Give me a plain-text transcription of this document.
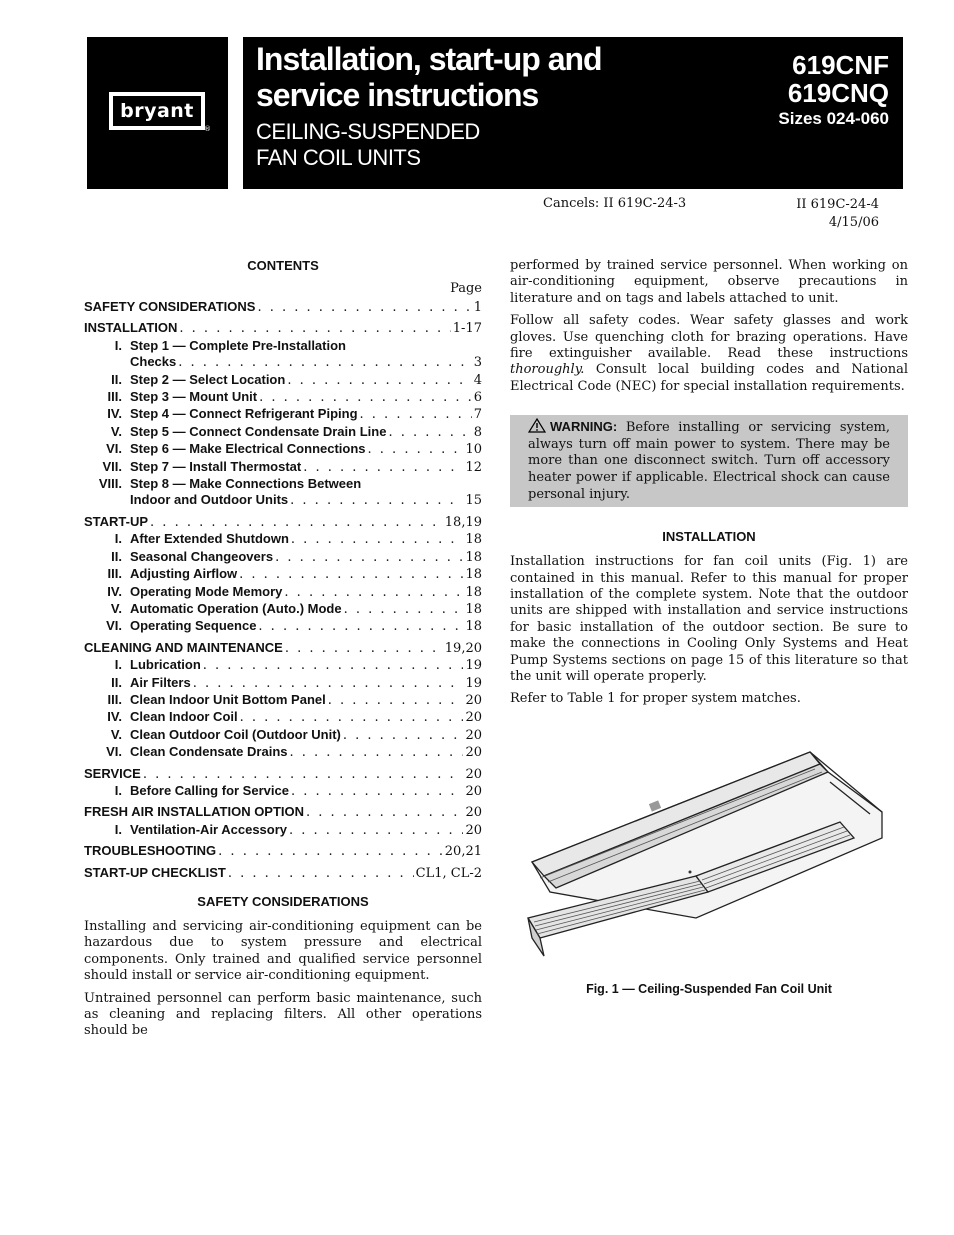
bryant
®
Installation, start-up and service instructions
CEILING-SUSPENDED
FAN COIL UNITS
619CNF
619CNQ
Sizes 024-060
Cancels: II 619C-24-3	II 619C-24-4
4/15/06
CONTENTS
Page
SAFETY CONSIDERATIONS . . .	1
INSTALLATION . . .	1-17
I. Step 1 — Complete Pre-Installation
Checks . . .	3
II. Step 2 — Select Location . . .	4
III. Step 3 — Mount Unit . . .	6
IV. Step 4 — Connect Refrigerant Piping . . .	7
V. Step 5 — Connect Condensate Drain Line . . .	8
VI. Step 6 — Make Electrical Connections . . .	10
VII. Step 7 — Install Thermostat . . .	12
VIII. Step 8 — Make Connections Between
Indoor and Outdoor Units . . .	15
START-UP . . .	18,19
I. After Extended Shutdown . . .	18
II. Seasonal Changeovers . . .	18
III. Adjusting Airflow . . .	18
IV. Operating Mode Memory . . .	18
V. Automatic Operation (Auto.) Mode . . .	18
VI. Operating Sequence . . .	18
CLEANING AND MAINTENANCE . . .	19,20
I. Lubrication . . .	19
II. Air Filters . . .	19
III. Clean Indoor Unit Bottom Panel . . .	20
IV. Clean Indoor Coil . . .	20
V. Clean Outdoor Coil (Outdoor Unit) . . .	20
VI. Clean Condensate Drains . . .	20
SERVICE . . .	20
I. Before Calling for Service . . .	20
FRESH AIR INSTALLATION OPTION . . .	20
I. Ventilation-Air Accessory . . .	20
TROUBLESHOOTING . . .	20,21
START-UP CHECKLIST . . .	CL1, CL-2
SAFETY CONSIDERATIONS

Installing and servicing air-conditioning equipment can be hazardous due to system pressure and electrical components. Only trained and qualified service personnel should install or service air-conditioning equipment.

Untrained personnel can perform basic maintenance, such as cleaning and replacing filters. All other operations should be

performed by trained service personnel. When working on air-conditioning equipment, observe precautions in literature and on tags and labels attached to unit.

Follow all safety codes. Wear safety glasses and work gloves. Use quenching cloth for brazing operations. Have fire extinguisher available. Read these instructions thoroughly. Consult local building codes and National Electrical Code (NEC) for special installation requirements.

WARNING: Before installing or servicing system, always turn off main power to system. There may be more than one disconnect switch. Turn off accessory heater power if applicable. Electrical shock can cause personal injury.
INSTALLATION

Installation instructions for fan coil units (Fig. 1) are contained in this manual. Refer to this manual for proper installation of the complete system. Note that the outdoor units are shipped with installation and service instructions for basic installation of the outdoor section. Be sure to make the connections in Cooling Only Systems and Heat Pump Systems sections on page 15 of this literature so that the unit will operate properly.

Refer to Table 1 for proper system matches.

Fig. 1 — Ceiling-Suspended Fan Coil Unit
